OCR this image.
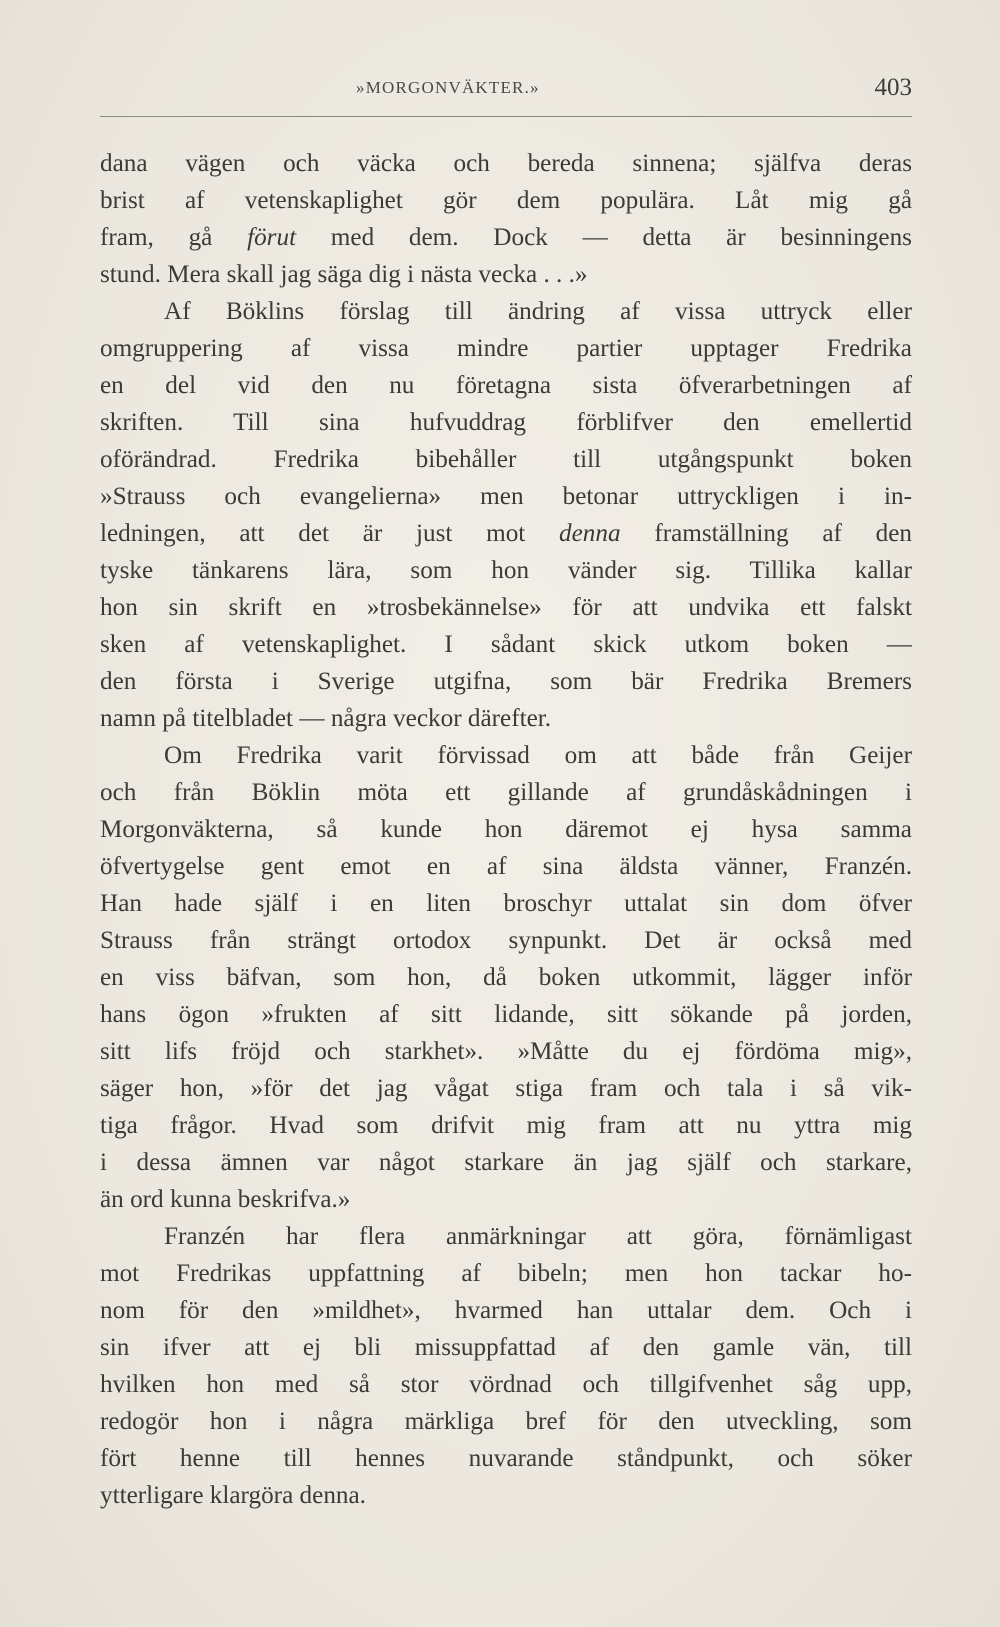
»MORGONVÄKTER.»	403
dana vägen och väcka och bereda sinnena; själfva deras
brist af vetenskaplighet gör dem populära. Låt mig gå
fram, gå förut med dem. Dock — detta är besinningens
stund. Mera skall jag säga dig i nästa vecka . . .»
Af Böklins förslag till ändring af vissa uttryck eller
omgruppering af vissa mindre partier upptager Fredrika
en del vid den nu företagna sista öfverarbetningen af
skriften. Till sina hufvuddrag förblifver den emellertid
oförändrad. Fredrika bibehåller till utgångspunkt boken
»Strauss och evangelierna» men betonar uttryckligen i in-
ledningen, att det är just mot denna framställning af den
tyske tänkarens lära, som hon vänder sig. Tillika kallar
hon sin skrift en »trosbekännelse» för att undvika ett falskt
sken af vetenskaplighet. I sådant skick utkom boken —
den första i Sverige utgifna, som bär Fredrika Bremers
namn på titelbladet — några veckor därefter.
Om Fredrika varit förvissad om att både från Geijer
och från Böklin möta ett gillande af grundåskådningen i
Morgonväkterna, så kunde hon däremot ej hysa samma
öfvertygelse gent emot en af sina äldsta vänner, Franzén.
Han hade själf i en liten broschyr uttalat sin dom öfver
Strauss från strängt ortodox synpunkt. Det är också med
en viss bäfvan, som hon, då boken utkommit, lägger inför
hans ögon »frukten af sitt lidande, sitt sökande på jorden,
sitt lifs fröjd och starkhet». »Måtte du ej fördöma mig»,
säger hon, »för det jag vågat stiga fram och tala i så vik-
tiga frågor. Hvad som drifvit mig fram att nu yttra mig
i dessa ämnen var något starkare än jag själf och starkare,
än ord kunna beskrifva.»
Franzén har flera anmärkningar att göra, förnämligast
mot Fredrikas uppfattning af bibeln; men hon tackar ho-
nom för den »mildhet», hvarmed han uttalar dem. Och i
sin ifver att ej bli missuppfattad af den gamle vän, till
hvilken hon med så stor vördnad och tillgifvenhet såg upp,
redogör hon i några märkliga bref för den utveckling, som
fört henne till hennes nuvarande ståndpunkt, och söker
ytterligare klargöra denna.
